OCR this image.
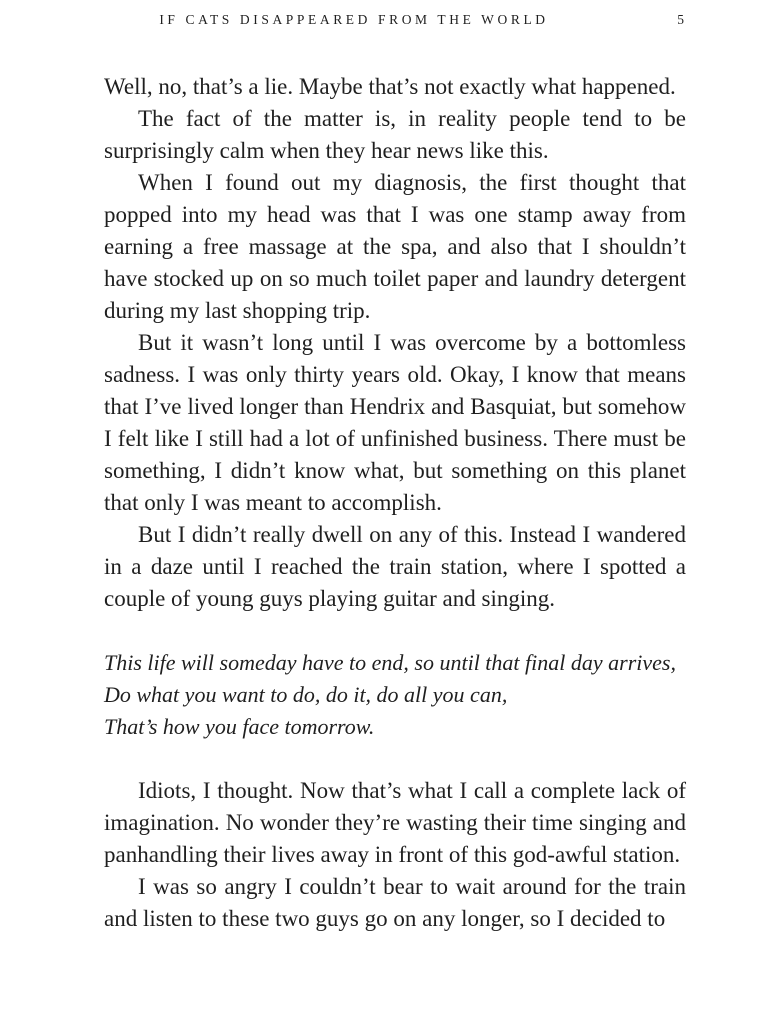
IF CATS DISAPPEARED FROM THE WORLD	5

Well, no, that’s a lie. Maybe that’s not exactly what happened.

The fact of the matter is, in reality people tend to be surprisingly calm when they hear news like this.

When I found out my diagnosis, the first thought that popped into my head was that I was one stamp away from earning a free massage at the spa, and also that I shouldn’t have stocked up on so much toilet paper and laundry detergent during my last shopping trip.

But it wasn’t long until I was overcome by a bottomless sadness. I was only thirty years old. Okay, I know that means that I’ve lived longer than Hendrix and Basquiat, but somehow I felt like I still had a lot of unfinished business. There must be something, I didn’t know what, but something on this planet that only I was meant to accomplish.

But I didn’t really dwell on any of this. Instead I wandered in a daze until I reached the train station, where I spotted a couple of young guys playing guitar and singing.

This life will someday have to end, so until that final day arrives,
Do what you want to do, do it, do all you can,
That’s how you face tomorrow.

Idiots, I thought. Now that’s what I call a complete lack of imagination. No wonder they’re wasting their time singing and panhandling their lives away in front of this god-awful station.

I was so angry I couldn’t bear to wait around for the train and listen to these two guys go on any longer, so I decided to
